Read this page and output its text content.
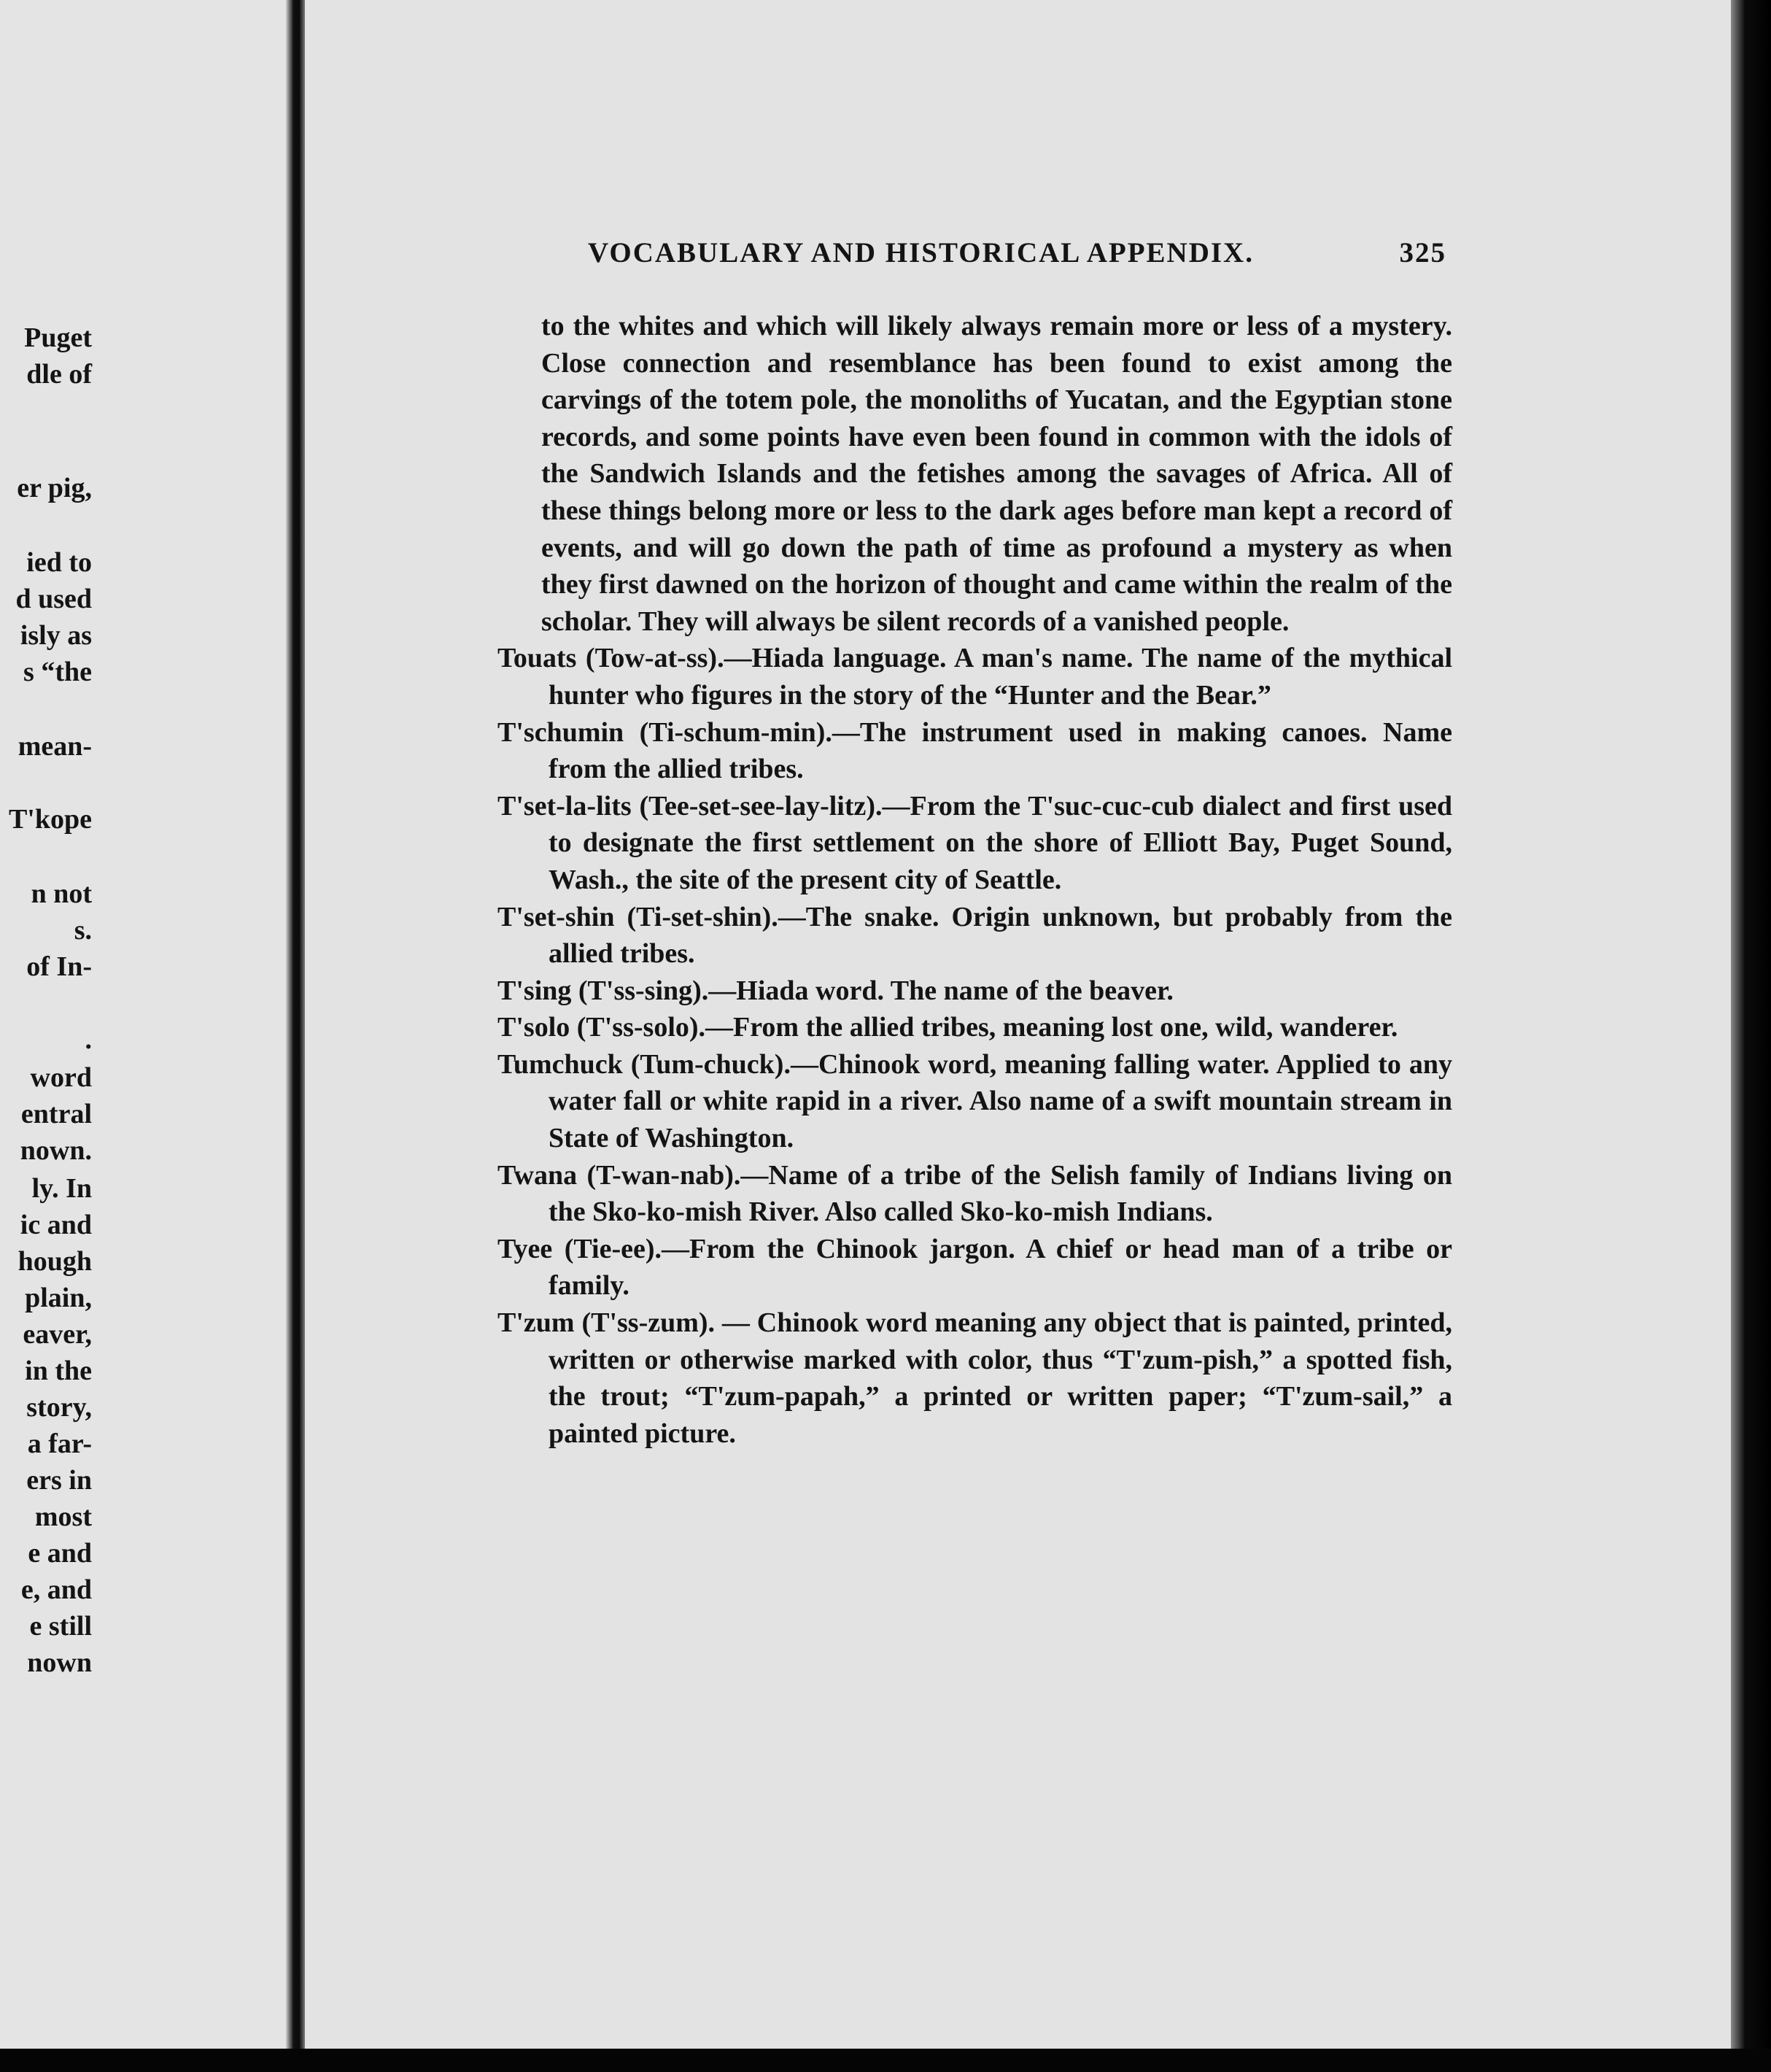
Puget
dle of
er pig,
ied to
d used
isly as
s “the
mean-
T'kope
n not
s.
of In-
.
word
entral
nown.
ly. In
ic and
hough
plain,
eaver,
in the
story,
a far-
ers in
most
e and
e, and
e still
nown
VOCABULARY AND HISTORICAL APPENDIX.	325

to the whites and which will likely always remain more or less of a mystery. Close connection and resemblance has been found to exist among the carvings of the totem pole, the monoliths of Yucatan, and the Egyptian stone records, and some points have even been found in common with the idols of the Sandwich Islands and the fetishes among the savages of Africa. All of these things belong more or less to the dark ages before man kept a record of events, and will go down the path of time as profound a mystery as when they first dawned on the horizon of thought and came within the realm of the scholar. They will always be silent records of a vanished people.

Touats (Tow-at-ss).—Hiada language. A man's name. The name of the mythical hunter who figures in the story of the “Hunter and the Bear.”

T'schumin (Ti-schum-min).—The instrument used in making canoes. Name from the allied tribes.

T'set-la-lits (Tee-set-see-lay-litz).—From the T'suc-cuc-cub dialect and first used to designate the first settlement on the shore of Elliott Bay, Puget Sound, Wash., the site of the present city of Seattle.

T'set-shin (Ti-set-shin).—The snake. Origin unknown, but probably from the allied tribes.

T'sing (T'ss-sing).—Hiada word. The name of the beaver.

T'solo (T'ss-solo).—From the allied tribes, meaning lost one, wild, wanderer.

Tumchuck (Tum-chuck).—Chinook word, meaning falling water. Applied to any water fall or white rapid in a river. Also name of a swift mountain stream in State of Washington.

Twana (T-wan-nab).—Name of a tribe of the Selish family of Indians living on the Sko-ko-mish River. Also called Sko-ko-mish Indians.

Tyee (Tie-ee).—From the Chinook jargon. A chief or head man of a tribe or family.

T'zum (T'ss-zum). — Chinook word meaning any object that is painted, printed, written or otherwise marked with color, thus “T'zum-pish,” a spotted fish, the trout; “T'zum-papah,” a printed or written paper; “T'zum-sail,” a painted picture.
